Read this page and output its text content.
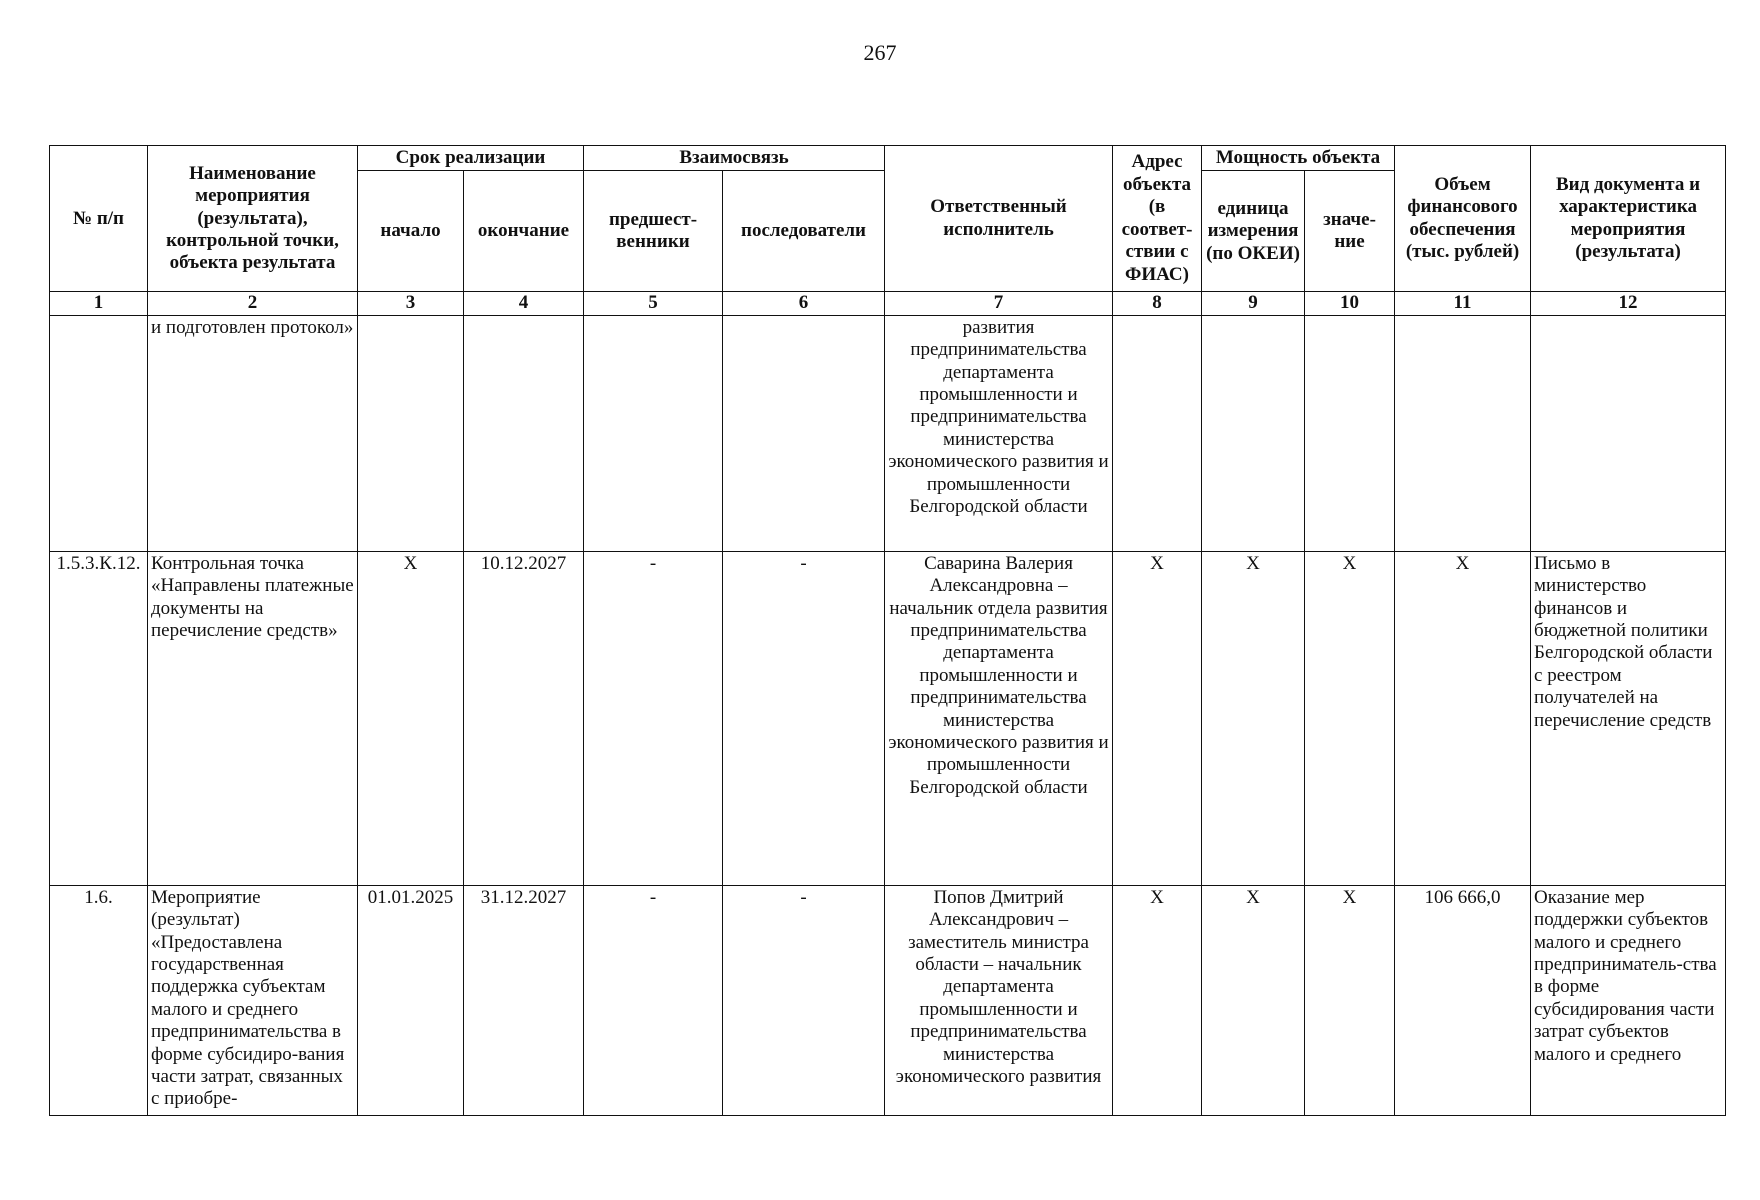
267
№ п/п	Наименование мероприятия (результата), контрольной точки, объекта результата	Срок реализации		Взаимосвязь		Ответственный исполнитель	Адрес объекта (в соответ-ствии с ФИАС)	Мощность объекта		Объем финансового обеспечения (тыс. рублей)	Вид документа и характеристика мероприятия (результата)
		начало	окончание	предшест-венники	последователи			единица измерения (по ОКЕИ)	значе-ние		
1	2	3	4	5	6	7	8	9	10	11	12
	и подготовлен протокол»					развития предпринимательства департамента промышленности и предпринимательства министерства экономического развития и промышленности Белгородской области					
1.5.3.К.12.	Контрольная точка «Направлены платежные документы на перечисление средств»	Х	10.12.2027	-	-	Саварина Валерия Александровна – начальник отдела развития предпринимательства департамента промышленности и предпринимательства министерства экономического развития и промышленности Белгородской области	Х	Х	Х	Х	Письмо в министерство финансов и бюджетной политики Белгородской области с реестром получателей на перечисление средств
1.6.	Мероприятие (результат) «Предоставлена государственная поддержка субъектам малого и среднего предпринимательства в форме субсидиро-вания части затрат, связанных с приобре-	01.01.2025	31.12.2027	-	-	Попов Дмитрий Александрович – заместитель министра области – начальник департамента промышленности и предпринимательства министерства экономического развития	Х	Х	Х	106 666,0	Оказание мер поддержки субъектов малого и среднего предприниматель-ства в форме субсидирования части затрат субъектов малого и среднего
